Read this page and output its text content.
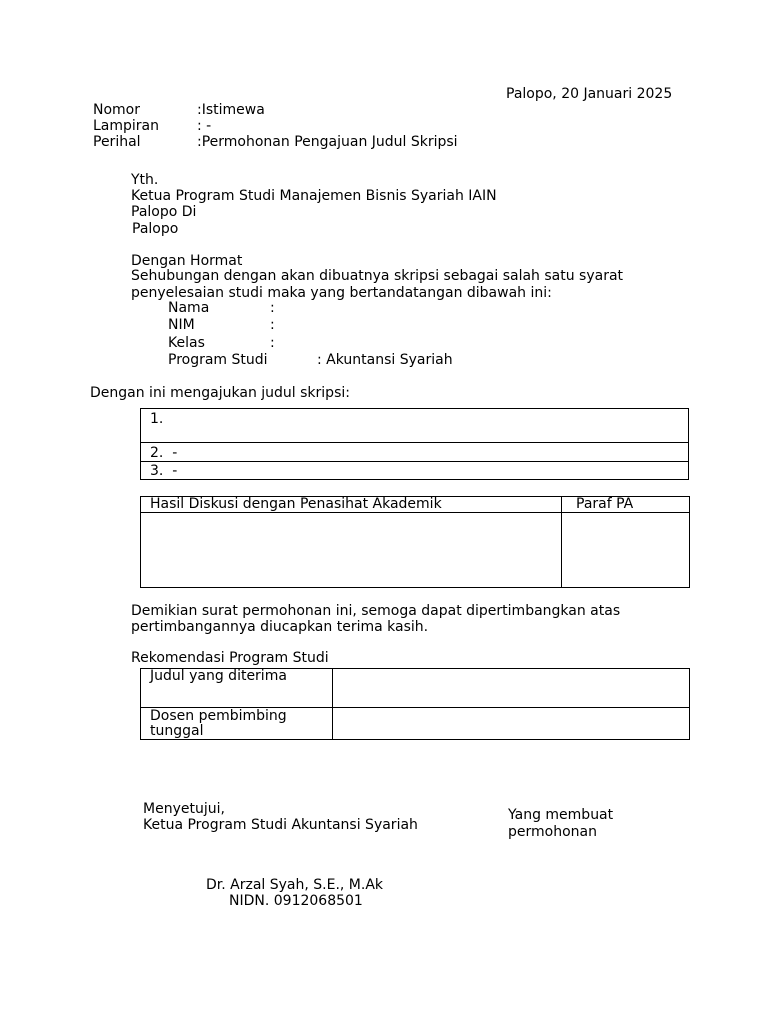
Palopo, 20 Januari 2025
Nomor	:Istimewa
Lampiran	: -
Perihal	:Permohonan Pengajuan Judul Skripsi
Yth.
Ketua Program Studi Manajemen Bisnis Syariah IAIN
Palopo Di
Palopo
Dengan Hormat
Sehubungan dengan akan dibuatnya skripsi sebagai salah satu syarat
penyelesaian studi maka yang bertandatangan dibawah ini:
Nama	:
NIM	:
Kelas	:
Program Studi	: Akuntansi Syariah
Dengan ini mengajukan judul skripsi:
1.
2.  -
3.  -
Hasil Diskusi dengan Penasihat Akademik	Paraf PA
Demikian surat permohonan ini, semoga dapat dipertimbangkan atas
pertimbangannya diucapkan terima kasih.
Rekomendasi Program Studi
Judul yang diterima
Dosen pembimbing
tunggal
Menyetujui,
Ketua Program Studi Akuntansi Syariah
Yang membuat
permohonan
Dr. Arzal Syah, S.E., M.Ak
NIDN. 0912068501
